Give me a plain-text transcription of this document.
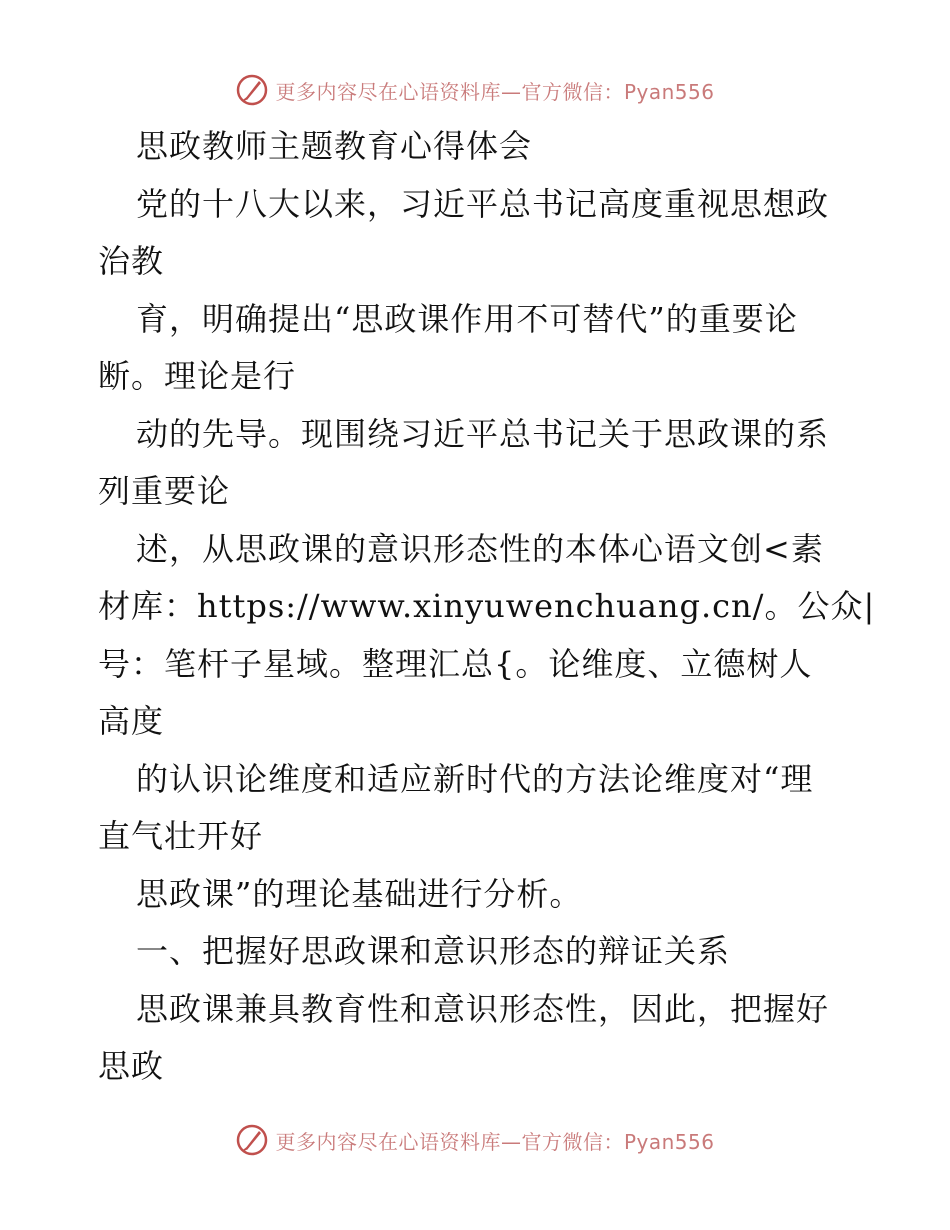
更多内容尽在心语资料库—官方微信：Pyan556
思政教师主题教育心得体会
党的十八大以来，习近平总书记高度重视思想政
治教
育，明确提出“思政课作用不可替代”的重要论
断。理论是行
动的先导。现围绕习近平总书记关于思政课的系
列重要论
述，从思政课的意识形态性的本体心语文创<素
材库：https://www.xinyuwenchuang.cn/。公众|
号：笔杆子星域。整理汇总{。论维度、立德树人
高度
的认识论维度和适应新时代的方法论维度对“理
直气壮开好
思政课”的理论基础进行分析。
一、把握好思政课和意识形态的辩证关系
思政课兼具教育性和意识形态性，因此，把握好
思政
更多内容尽在心语资料库—官方微信：Pyan556
